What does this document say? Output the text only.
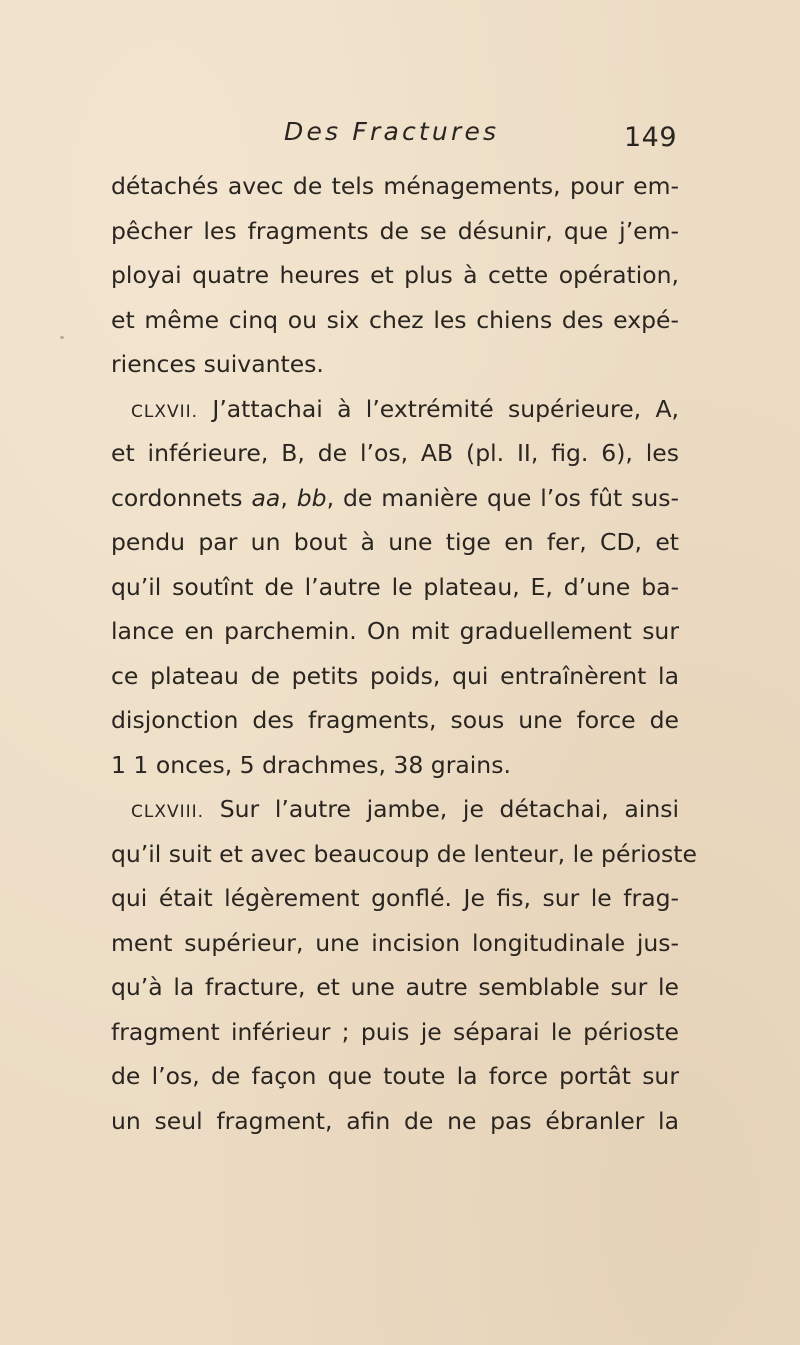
Des Fractures	149
détachés avec de tels ménagements, pour em-
pêcher les fragments de se désunir, que j’em-
ployai quatre heures et plus à cette opération,
et même cinq ou six chez les chiens des expé-
riences suivantes.
CLXVII. J’attachai à l’extrémité supérieure, A,
et inférieure, B, de l’os, AB (pl. II, fig. 6), les
cordonnets aa, bb, de manière que l’os fût sus-
pendu par un bout à une tige en fer, CD, et
qu’il soutînt de l’autre le plateau, E, d’une ba-
lance en parchemin. On mit graduellement sur
ce plateau de petits poids, qui entraînèrent la
disjonction des fragments, sous une force de
1 1 onces, 5 drachmes, 38 grains.
CLXVIII. Sur l’autre jambe, je détachai, ainsi
qu’il suit et avec beaucoup de lenteur, le périoste
qui était légèrement gonflé. Je fis, sur le frag-
ment supérieur, une incision longitudinale jus-
qu’à la fracture, et une autre semblable sur le
fragment inférieur ; puis je séparai le périoste
de l’os, de façon que toute la force portât sur
un seul fragment, afin de ne pas ébranler la
